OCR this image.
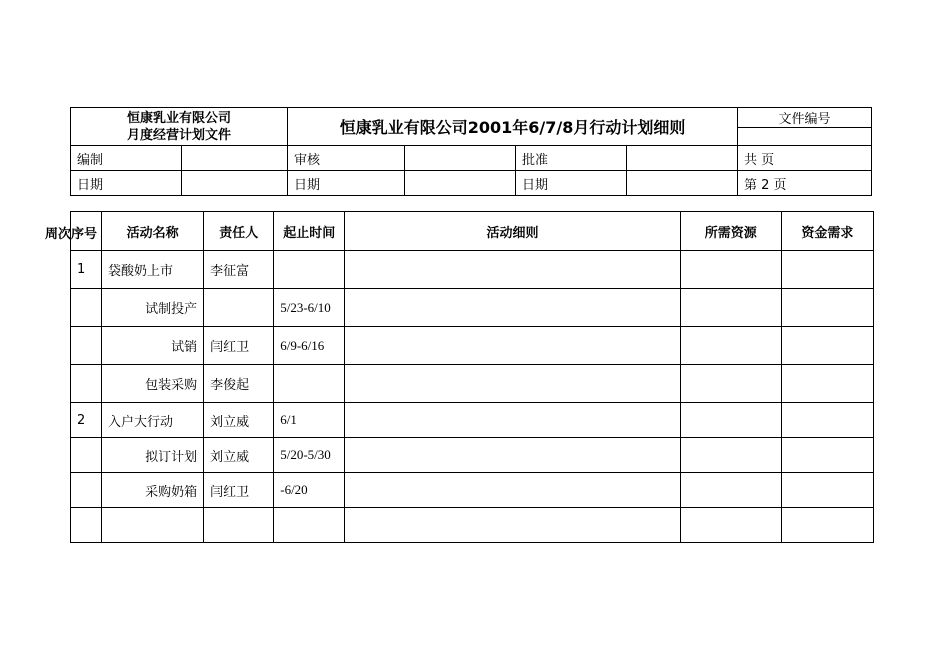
恒康乳业有限公司
月度经营计划文件		恒康乳业有限公司2001年6/7/8月行动计划细则				文件编号

编制		审核		批准		共 页
日期		日期		日期		第 2 页
周次序号	活动名称	责任人	起止时间	活动细则	所需资源	资金需求
1	袋酸奶上市	李征富				
	试制投产		5/23-6/10			
	试销	闫红卫	6/9-6/16			
	包装采购	李俊起				
2	入户大行动	刘立威	6/1			
	拟订计划	刘立威	5/20-5/30			
	采购奶箱	闫红卫	-6/20			
